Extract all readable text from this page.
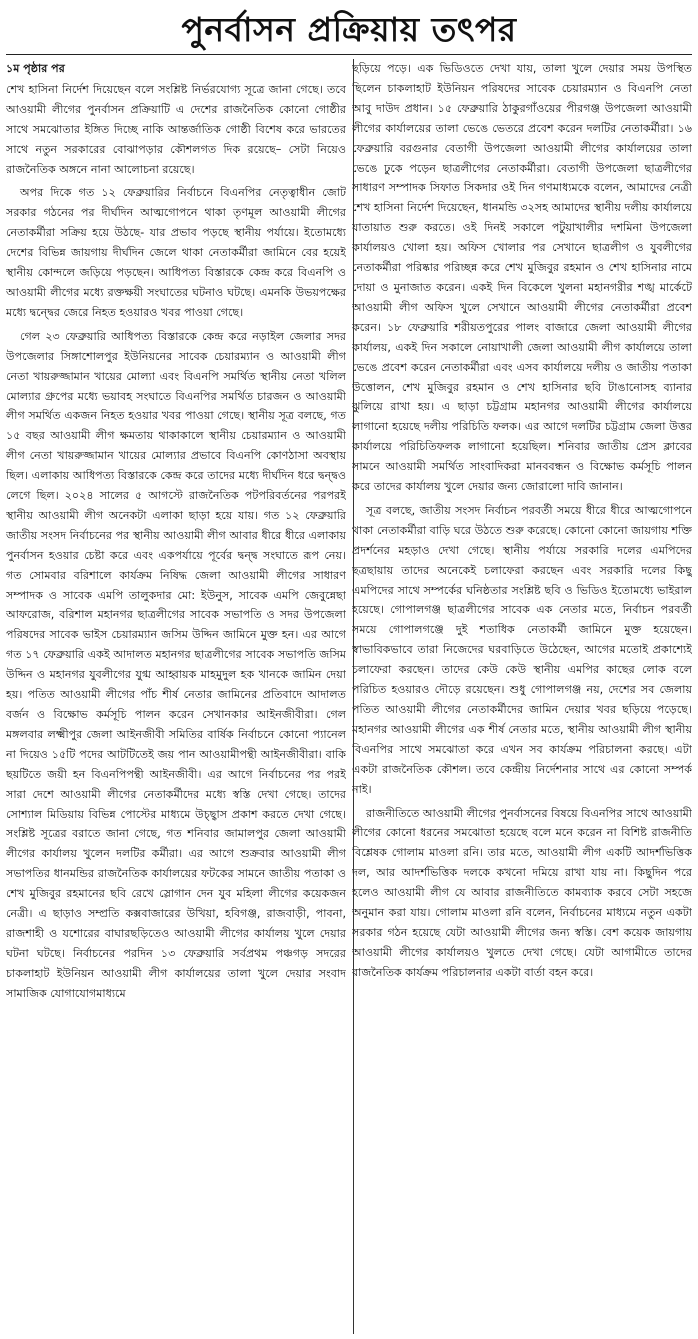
পুনর্বাসন প্রক্রিয়ায় তৎপর
১ম পৃষ্ঠার পর

শেখ হাসিনা নির্দেশ দিয়েছেন বলে সংশ্লিষ্ট নির্ভরযোগ্য সূত্রে জানা গেছে। তবে আওয়ামী লীগের পুনর্বাসন প্রক্রিয়াটি এ দেশের রাজনৈতিক কোনো গোষ্ঠীর সাথে সমঝোতার ইঙ্গিত দিচ্ছে নাকি আন্তর্জাতিক গোষ্ঠী বিশেষ করে ভারতের সাথে নতুন সরকারের বোঝাপড়ার কৌশলগত দিক রয়েছে– সেটা নিয়েও রাজনৈতিক অঙ্গনে নানা আলোচনা রয়েছে।

অপর দিকে গত ১২ ফেব্রুয়ারির নির্বাচনে বিএনপির নেতৃত্বাধীন জোট সরকার গঠনের পর দীর্ঘদিন আত্মগোপনে থাকা তৃণমূল আওয়ামী লীগের নেতাকর্মীরা সক্রিয় হয়ে উঠছে- যার প্রভাব পড়ছে স্থানীয় পর্যায়ে। ইতোমধ্যে দেশের বিভিন্ন জায়গায় দীর্ঘদিন জেলে থাকা নেতাকর্মীরা জামিনে বের হয়েই স্থানীয় কোন্দলে জড়িয়ে পড়ছেন। আধিপত্য বিস্তারকে কেন্দ্র করে বিএনপি ও আওয়ামী লীগের মধ্যে রক্তক্ষয়ী সংঘাতের ঘটনাও ঘটছে। এমনকি উভয়পক্ষের মধ্যে দ্বন্দ্বের জেরে নিহত হওয়ারও খবর পাওয়া গেছে।

গেল ২৩ ফেব্রুয়ারি আধিপত্য বিস্তারকে কেন্দ্র করে নড়াইল জেলার সদর উপজেলার সিঙ্গাশোলপুর ইউনিয়নের সাবেক চেয়ারম্যান ও আওয়ামী লীগ নেতা খায়রুজ্জামান খায়ের মোল্যা এবং বিএনপি সমর্থিত স্থানীয় নেতা খলিল মোল্যার গ্রুপের মধ্যে ভয়াবহ সংঘাতে বিএনপির সমর্থিত চারজন ও আওয়ামী লীগ সমর্থিত একজন নিহত হওয়ার খবর পাওয়া গেছে। স্থানীয় সূত্র বলছে, গত ১৫ বছর আওয়ামী লীগ ক্ষমতায় থাকাকালে স্থানীয় চেয়ারম্যান ও আওয়ামী লীগ নেতা খায়রুজ্জামান খায়ের মোল্যার প্রভাবে বিএনপি কোণঠাসা অবস্থায় ছিল। এলাকায় আধিপত্য বিস্তারকে কেন্দ্র করে তাদের মধ্যে দীর্ঘদিন ধরে দ্বন্দ্বও লেগে ছিল। ২০২৪ সালের ৫ আগস্টে রাজনৈতিক পটপরিবর্তনের পরপরই স্থানীয় আওয়ামী লীগ অনেকটা এলাকা ছাড়া হয়ে যায়। গত ১২ ফেব্রুয়ারি জাতীয় সংসদ নির্বাচনের পর স্থানীয় আওয়ামী লীগ আবার ধীরে ধীরে এলাকায় পুনর্বাসন হওয়ার চেষ্টা করে এবং একপর্যায়ে পূর্বের দ্বন্দ্ব সংঘাতে রূপ নেয়। গত সোমবার বরিশালে কার্যক্রম নিষিদ্ধ জেলা আওয়ামী লীগের সাধারণ সম্পাদক ও সাবেক এমপি তালুকদার মো: ইউনুস, সাবেক এমপি জেবুন্নেছা আফরোজ, বরিশাল মহানগর ছাত্রলীগের সাবেক সভাপতি ও সদর উপজেলা পরিষদের সাবেক ভাইস চেয়ারম্যান জসিম উদ্দিন জামিনে মুক্ত হন। এর আগে গত ১৭ ফেব্রুয়ারি একই আদালত মহানগর ছাত্রলীগের সাবেক সভাপতি জসিম উদ্দিন ও মহানগর যুবলীগের যুগ্ম আহ্বায়ক মাহমুদুল হক খানকে জামিন দেয়া হয়। পতিত আওয়ামী লীগের পাঁচ শীর্ষ নেতার জামিনের প্রতিবাদে আদালত বর্জন ও বিক্ষোভ কর্মসূচি পালন করেন সেখানকার আইনজীবীরা। গেল মঙ্গলবার লক্ষ্মীপুর জেলা আইনজীবী সমিতির বার্ষিক নির্বাচনে কোনো প্যানেল না দিয়েও ১৫টি পদের আটটিতেই জয় পান আওয়ামীপন্থী আইনজীবীরা। বাকি ছয়টিতে জয়ী হন বিএনপিপন্থী আইনজীবী। এর আগে নির্বাচনের পর পরই সারা দেশে আওয়ামী লীগের নেতাকর্মীদের মধ্যে স্বস্তি দেখা গেছে। তাদের সোশ্যাল মিডিয়ায় বিভিন্ন পোস্টের মাধ্যমে উচ্ছ্বাস প্রকাশ করতে দেখা গেছে। সংশ্লিষ্ট সূত্রের বরাতে জানা গেছে, গত শনিবার জামালপুর জেলা আওয়ামী লীগের কার্যালয় খুলেন দলটির কর্মীরা। এর আগে শুক্রবার আওয়ামী লীগ সভাপতির ধানমন্ডির রাজনৈতিক কার্যালয়ের ফটকের সামনে জাতীয় পতাকা ও শেখ মুজিবুর রহমানের ছবি রেখে স্লোগান দেন যুব মহিলা লীগের কয়েকজন নেত্রী। এ ছাড়াও সম্প্রতি কক্সবাজারের উখিয়া, হবিগঞ্জ, রাজবাড়ী, পাবনা, রাজশাহী ও যশোরের বাঘারছড়িতেও আওয়ামী লীগের কার্যালয় খুলে দেয়ার ঘটনা ঘটছে। নির্বাচনের পরদিন ১৩ ফেব্রুয়ারি সর্বপ্রথম পঞ্চগড় সদরের চাকলাহাট ইউনিয়ন আওয়ামী লীগ কার্যালয়ের তালা খুলে দেয়ার সংবাদ সামাজিক যোগাযোগমাধ্যমে

ছড়িয়ে পড়ে। এক ভিডিওতে দেখা যায়, তালা খুলে দেয়ার সময় উপস্থিত ছিলেন চাকলাহাট ইউনিয়ন পরিষদের সাবেক চেয়ারম্যান ও বিএনপি নেতা আবু দাউদ প্রধান। ১৫ ফেব্রুয়ারি ঠাকুরগাঁওয়ের পীরগঞ্জ উপজেলা আওয়ামী লীগের কার্যালয়ের তালা ভেঙে ভেতরে প্রবেশ করেন দলটির নেতাকর্মীরা। ১৬ ফেব্রুয়ারি বরগুনার বেতাগী উপজেলা আওয়ামী লীগের কার্যালয়ের তালা ভেঙে ঢুকে পড়েন ছাত্রলীগের নেতাকর্মীরা। বেতাগী উপজেলা ছাত্রলীগের সাধারণ সম্পাদক সিফাত সিকদার ওই দিন গণমাধ্যমকে বলেন, আমাদের নেত্রী শেখ হাসিনা নির্দেশ দিয়েছেন, ধানমন্ডি ৩২সহ আমাদের স্থানীয় দলীয় কার্যালয়ে যাতায়াত শুরু করতে। ওই দিনই সকালে পটুয়াখালীর দশমিনা উপজেলা কার্যালয়ও খোলা হয়। অফিস খোলার পর সেখানে ছাত্রলীগ ও যুবলীগের নেতাকর্মীরা পরিষ্কার পরিচ্ছন্ন করে শেখ মুজিবুর রহমান ও শেখ হাসিনার নামে দোয়া ও মুনাজাত করেন। একই দিন বিকেলে খুলনা মহানগরীর শঙ্খ মার্কেটে আওয়ামী লীগ অফিস খুলে সেখানে আওয়ামী লীগের নেতাকর্মীরা প্রবেশ করেন। ১৮ ফেব্রুয়ারি শরীয়তপুরের পালং বাজারে জেলা আওয়ামী লীগের কার্যালয়, একই দিন সকালে নোয়াখালী জেলা আওয়ামী লীগ কার্যালয়ে তালা ভেঙে প্রবেশ করেন নেতাকর্মীরা এবং এসব কার্যালয়ে দলীয় ও জাতীয় পতাকা উত্তোলন, শেখ মুজিবুর রহমান ও শেখ হাসিনার ছবি টাঙানোসহ ব্যানার ঝুলিয়ে রাখা হয়। এ ছাড়া চট্টগ্রাম মহানগর আওয়ামী লীগের কার্যালয়ে লাগানো হয়েছে দলীয় পরিচিতি ফলক। এর আগে দলটির চট্টগ্রাম জেলা উত্তর কার্যালয়ে পরিচিতিফলক লাগানো হয়েছিল। শনিবার জাতীয় প্রেস ক্লাবের সামনে আওয়ামী সমর্থিত সাংবাদিকরা মানববন্ধন ও বিক্ষোভ কর্মসূচি পালন করে তাদের কার্যালয় খুলে দেয়ার জন্য জোরালো দাবি জানান।

সূত্র বলছে, জাতীয় সংসদ নির্বাচন পরবর্তী সময়ে ধীরে ধীরে আত্মগোপনে থাকা নেতাকর্মীরা বাড়ি ঘরে উঠতে শুরু করেছে। কোনো কোনো জায়গায় শক্তি প্রদর্শনের মহড়াও দেখা গেছে। স্থানীয় পর্যায়ে সরকারি দলের এমপিদের ছত্রছায়ায় তাদের অনেকেই চলাফেরা করছেন এবং সরকারি দলের কিছু এমপিদের সাথে সম্পর্কের ঘনিষ্ঠতার সংশ্লিষ্ট ছবি ও ভিডিও ইতোমধ্যে ভাইরাল হয়েছে। গোপালগঞ্জ ছাত্রলীগের সাবেক এক নেতার মতে, নির্বাচন পরবর্তী সময়ে গোপালগঞ্জে দুই শতাধিক নেতাকর্মী জামিনে মুক্ত হয়েছেন। স্বাভাবিকভাবে তারা নিজেদের ঘরবাড়িতে উঠেছেন, আগের মতোই প্রকাশ্যেই চলাফেরা করছেন। তাদের কেউ কেউ স্থানীয় এমপির কাছের লোক বলে পরিচিত হওয়ারও দৌড়ে রয়েছেন। শুধু গোপালগঞ্জ নয়, দেশের সব জেলায় পতিত আওয়ামী লীগের নেতাকর্মীদের জামিন দেয়ার খবর ছড়িয়ে পড়েছে। মহানগর আওয়ামী লীগের এক শীর্ষ নেতার মতে, স্থানীয় আওয়ামী লীগ স্থানীয় বিএনপির সাথে সমঝোতা করে এখন সব কার্যক্রম পরিচালনা করছে। এটা একটা রাজনৈতিক কৌশল। তবে কেন্দ্রীয় নির্দেশনার সাথে এর কোনো সম্পর্ক নাই।

রাজনীতিতে আওয়ামী লীগের পুনর্বাসনের বিষয়ে বিএনপির সাথে আওয়ামী লীগের কোনো ধরনের সমঝোতা হয়েছে বলে মনে করেন না বিশিষ্ট রাজনীতি বিশ্লেষক গোলাম মাওলা রনি। তার মতে, আওয়ামী লীগ একটি আদর্শভিত্তিক দল, আর আদর্শভিত্তিক দলকে কখনো দমিয়ে রাখা যায় না। কিছুদিন পরে হলেও আওয়ামী লীগ যে আবার রাজনীতিতে কামব্যাক করবে সেটা সহজে অনুমান করা যায়। গোলাম মাওলা রনি বলেন, নির্বাচনের মাধ্যমে নতুন একটা সরকার গঠন হয়েছে যেটা আওয়ামী লীগের জন্য স্বস্তি। বেশ কয়েক জায়গায় আওয়ামী লীগের কার্যালয়ও খুলতে দেখা গেছে। যেটা আগামীতে তাদের রাজনৈতিক কার্যক্রম পরিচালনার একটা বার্তা বহন করে।
